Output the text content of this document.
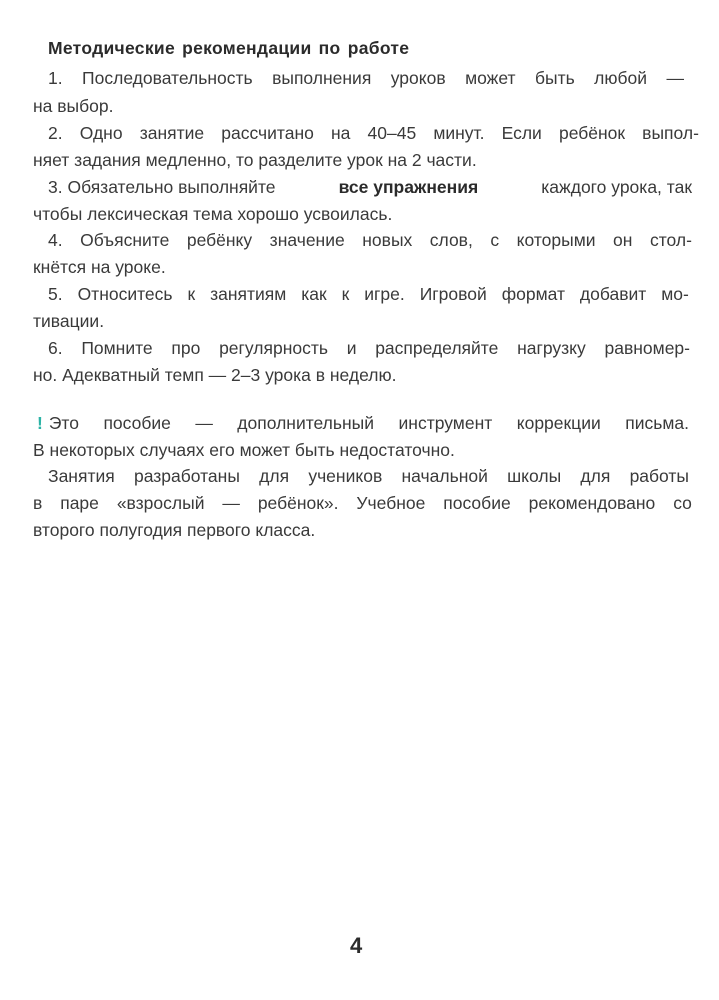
Методические рекомендации по работе
1. Последовательность выполнения уроков может быть любой —
на выбор.
2. Одно занятие рассчитано на 40–45 минут. Если ребёнок выпол-
няет задания медленно, то разделите урок на 2 части.
3. Обязательно выполняйте	все упражнения	каждого урока, так
чтобы лексическая тема хорошо усвоилась.
4. Объясните ребёнку значение новых слов, с которыми он стол-
кнётся на уроке.
5. Относитесь к занятиям как к игре. Игровой формат добавит мо-
тивации.
6. Помните про регулярность и распределяйте нагрузку равномер-
но. Адекватный темп — 2–3 урока в неделю.
! Это пособие — дополнительный инструмент коррекции письма.
В некоторых случаях его может быть недостаточно.
Занятия разработаны для учеников начальной школы для работы
в паре «взрослый — ребёнок». Учебное пособие рекомендовано со
второго полугодия первого класса.
4
